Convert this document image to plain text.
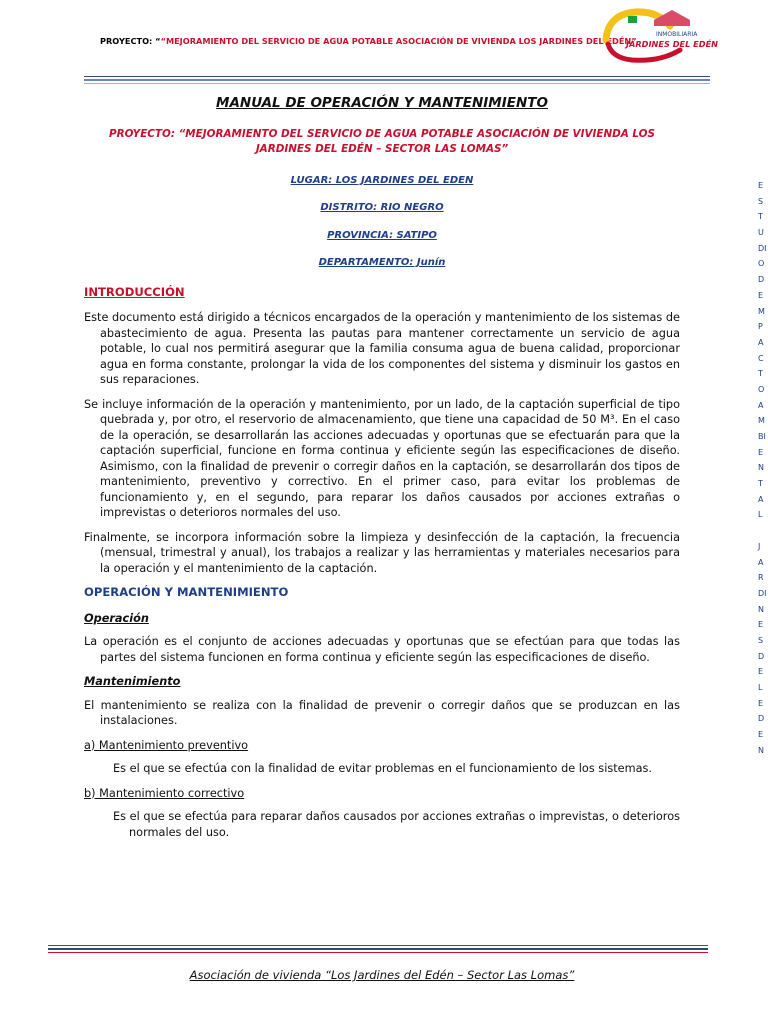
PROYECTO: ““MEJORAMIENTO DEL SERVICIO DE AGUA POTABLE ASOCIACIÓN DE VIVIENDA LOS JARDINES DEL EDÉN”
INMOBILIARIA
JARDINES DEL EDÉN
MANUAL DE OPERACIÓN Y MANTENIMIENTO
PROYECTO: “MEJORAMIENTO DEL SERVICIO DE AGUA POTABLE ASOCIACIÓN DE VIVIENDA LOS JARDINES DEL EDÉN – SECTOR LAS LOMAS”
LUGAR: LOS JARDINES DEL EDEN
DISTRITO: RIO NEGRO
PROVINCIA: SATIPO
DEPARTAMENTO: Junín
INTRODUCCIÓN

Este documento está dirigido a técnicos encargados de la operación y mantenimiento de los sistemas de abastecimiento de agua. Presenta las pautas para mantener correctamente un servicio de agua potable, lo cual nos permitirá asegurar que la familia consuma agua de buena calidad, proporcionar agua en forma constante, prolongar la vida de los componentes del sistema y disminuir los gastos en sus reparaciones.

Se incluye información de la operación y mantenimiento, por un lado, de la captación superficial de tipo quebrada y, por otro, el reservorio de almacenamiento, que tiene una capacidad de 50 M³. En el caso de la operación, se desarrollarán las acciones adecuadas y oportunas que se efectuarán para que la captación superficial, funcione en forma continua y eficiente según las especificaciones de diseño. Asimismo, con la finalidad de prevenir o corregir daños en la captación, se desarrollarán dos tipos de mantenimiento, preventivo y correctivo. En el primer caso, para evitar los problemas de funcionamiento y, en el segundo, para reparar los daños causados por acciones extrañas o imprevistas o deterioros normales del uso.

Finalmente, se incorpora información sobre la limpieza y desinfección de la captación, la frecuencia (mensual, trimestral y anual), los trabajos a realizar y las herramientas y materiales necesarios para la operación y el mantenimiento de la captación.

OPERACIÓN Y MANTENIMIENTO
Operación

La operación es el conjunto de acciones adecuadas y oportunas que se efectúan para que todas las partes del sistema funcionen en forma continua y eficiente según las especificaciones de diseño.

Mantenimiento

El mantenimiento se realiza con la finalidad de prevenir o corregir daños que se produzcan en las instalaciones.

a) Mantenimiento preventivo

Es el que se efectúa con la finalidad de evitar problemas en el funcionamiento de los sistemas.

b) Mantenimiento correctivo

Es el que se efectúa para reparar daños causados por acciones extrañas o imprevistas, o deterioros normales del uso.

Asociación de vivienda “Los Jardines del Edén – Sector Las Lomas”
E
S
T
U
DI
O
D
E
M
P
A
C
T
O
A
M
BI
E
N
T
A
L
J
A
R
DI
N
E
S
D
E
L
E
D
E
N
